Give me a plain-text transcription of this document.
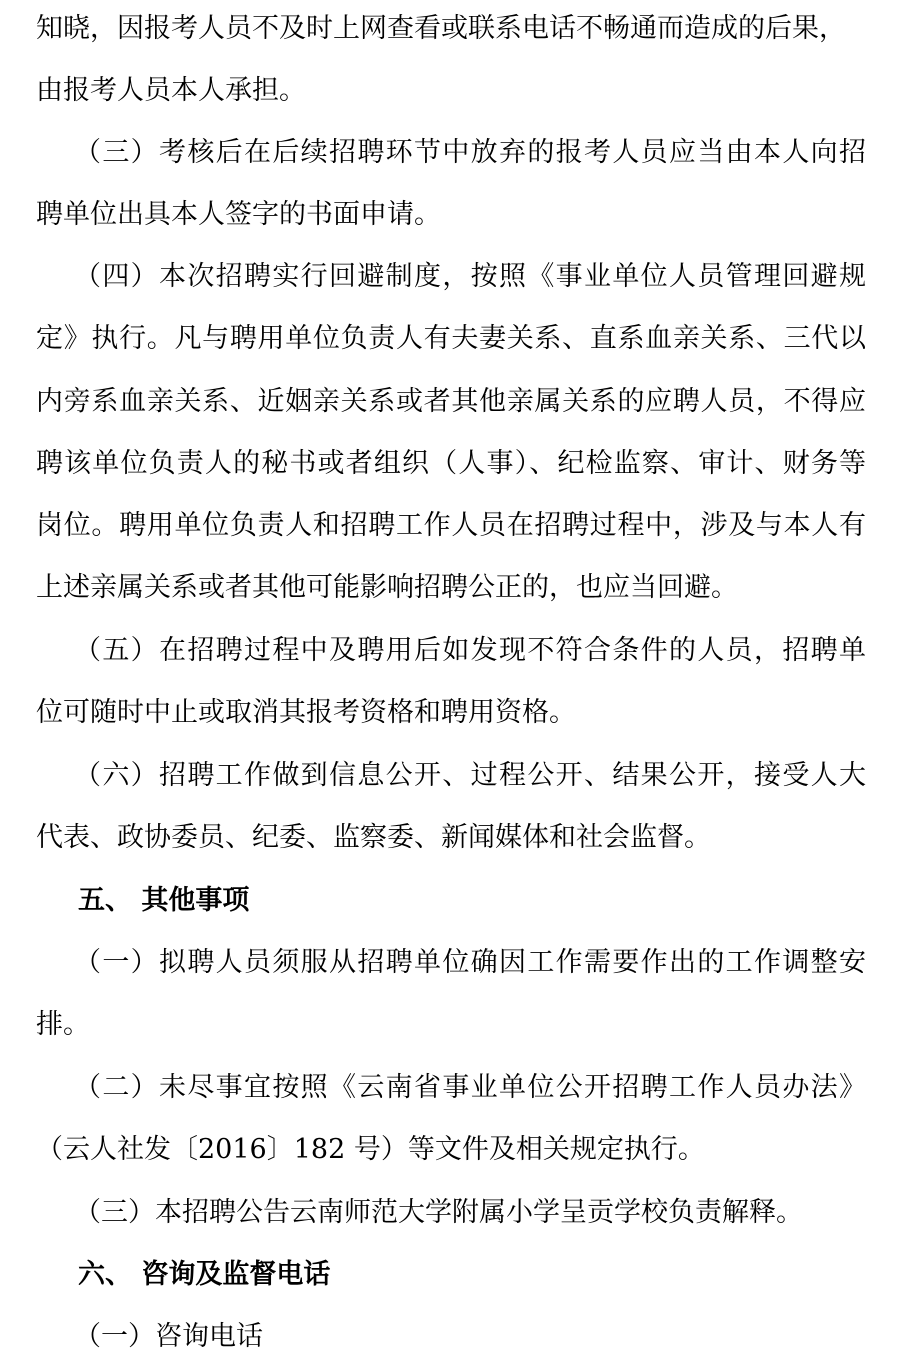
知晓，因报考人员不及时上网查看或联系电话不畅通而造成的后果，
由报考人员本人承担。
（三）考核后在后续招聘环节中放弃的报考人员应当由本人向招
聘单位出具本人签字的书面申请。
（四）本次招聘实行回避制度，按照《事业单位人员管理回避规
定》执行。凡与聘用单位负责人有夫妻关系、直系血亲关系、三代以
内旁系血亲关系、近姻亲关系或者其他亲属关系的应聘人员，不得应
聘该单位负责人的秘书或者组织（人事）、纪检监察、审计、财务等
岗位。聘用单位负责人和招聘工作人员在招聘过程中，涉及与本人有
上述亲属关系或者其他可能影响招聘公正的，也应当回避。
（五）在招聘过程中及聘用后如发现不符合条件的人员，招聘单
位可随时中止或取消其报考资格和聘用资格。
（六）招聘工作做到信息公开、过程公开、结果公开，接受人大
代表、政协委员、纪委、监察委、新闻媒体和社会监督。
五、 其他事项
（一）拟聘人员须服从招聘单位确因工作需要作出的工作调整安
排。
（二）未尽事宜按照《云南省事业单位公开招聘工作人员办法》
（云人社发〔2016〕182 号）等文件及相关规定执行。
（三）本招聘公告云南师范大学附属小学呈贡学校负责解释。
六、 咨询及监督电话
（一）咨询电话
